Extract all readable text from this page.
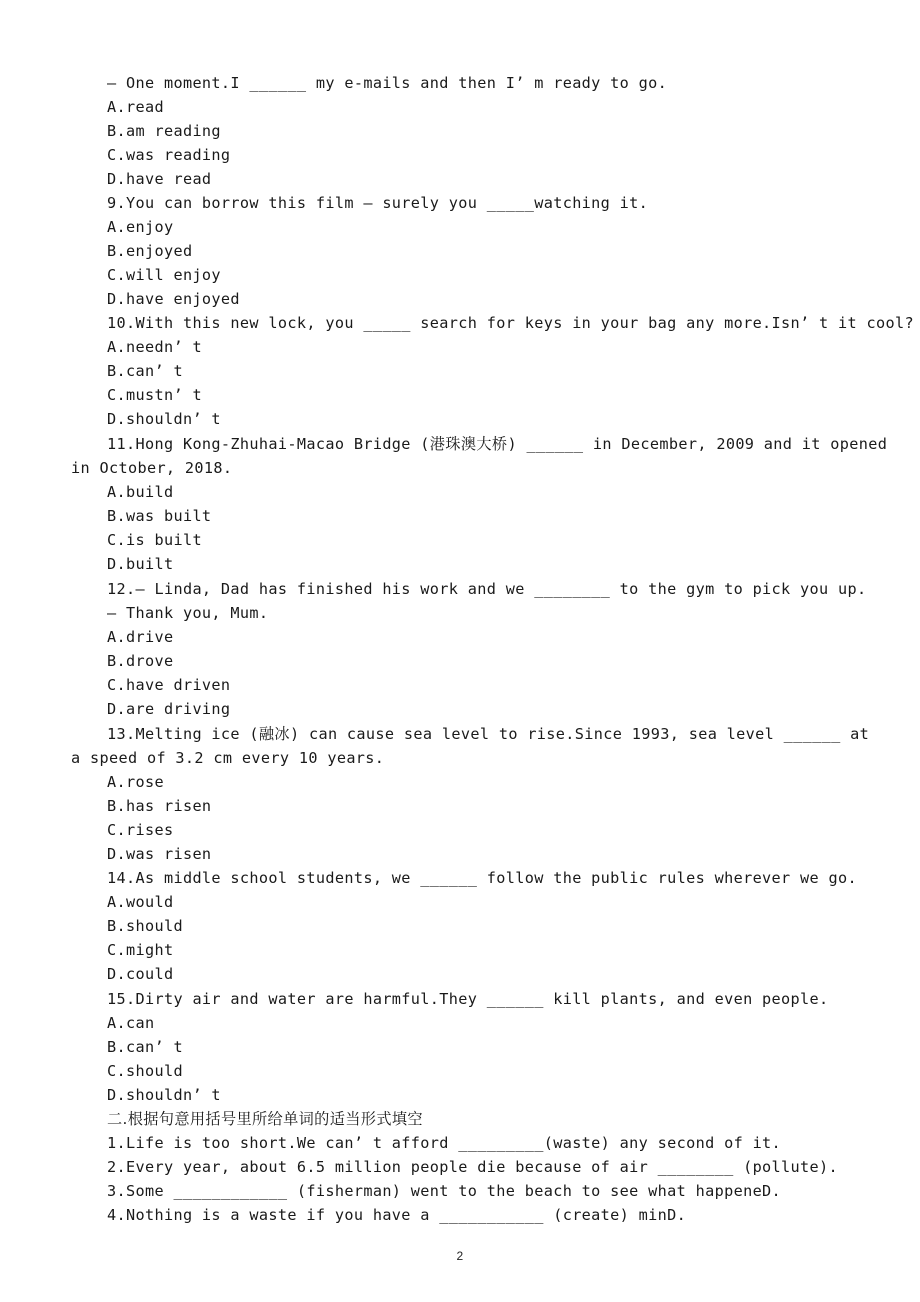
— One moment.I ______ my e-mails and then I’ m ready to go.
A.read
B.am reading
C.was reading
D.have read
9.You can borrow this film — surely you _____watching it.
A.enjoy
B.enjoyed
C.will enjoy
D.have enjoyed
10.With this new lock, you _____ search for keys in your bag any more.Isn’ t it cool?
A.needn’ t
B.can’ t
C.mustn’ t
D.shouldn’ t
11.Hong Kong-Zhuhai-Macao Bridge (港珠澳大桥) ______ in December, 2009 and it opened
in October, 2018.
A.build
B.was built
C.is built
D.built
12.— Linda, Dad has finished his work and we ________ to the gym to pick you up.
— Thank you, Mum.
A.drive
B.drove
C.have driven
D.are driving
13.Melting ice (融冰) can cause sea level to rise.Since 1993, sea level ______ at
a speed of 3.2 cm every 10 years.
A.rose
B.has risen
C.rises
D.was risen
14.As middle school students, we ______ follow the public rules wherever we go.
A.would
B.should
C.might
D.could
15.Dirty air and water are harmful.They ______ kill plants, and even people.
A.can
B.can’ t
C.should
D.shouldn’ t
二.根据句意用括号里所给单词的适当形式填空
1.Life is too short.We can’ t afford _________(waste) any second of it.
2.Every year, about 6.5 million people die because of air ________ (pollute).
3.Some ____________ (fisherman) went to the beach to see what happeneD.
4.Nothing is a waste if you have a ___________ (create) minD.
2
